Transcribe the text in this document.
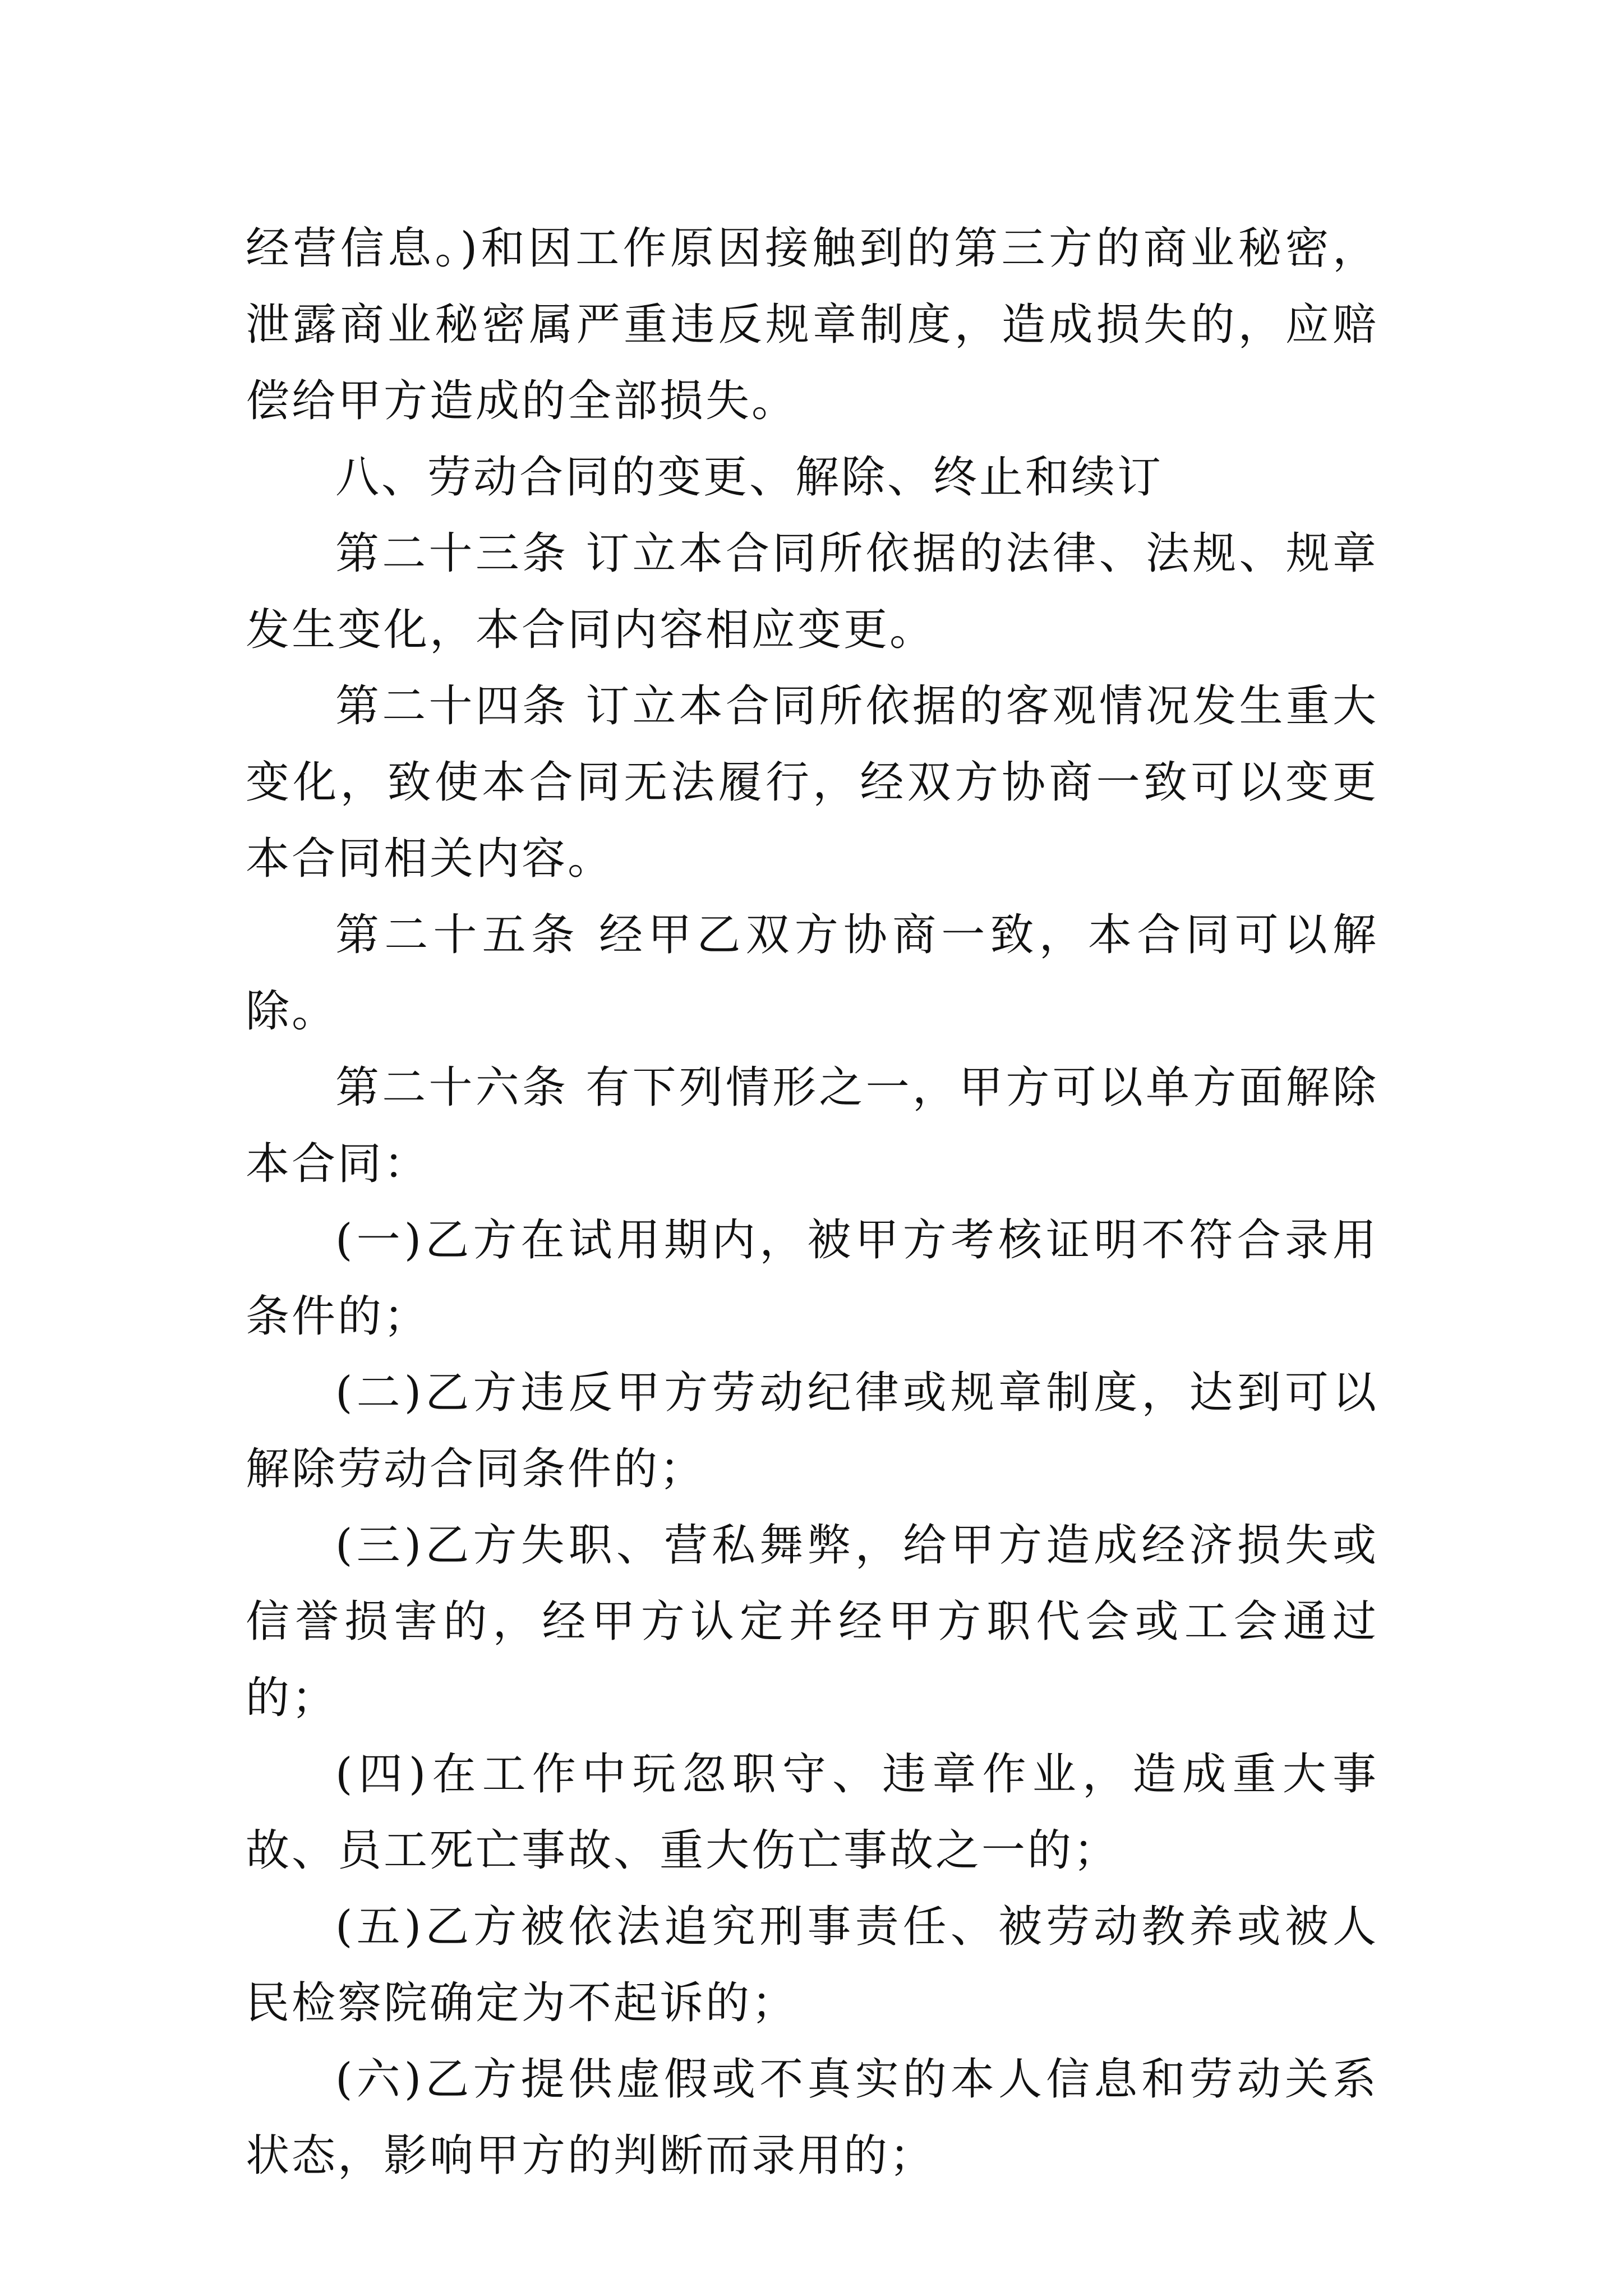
经营信息。)和因工作原因接触到的第三方的商业秘密，泄露商业秘密属严重违反规章制度，造成损失的，应赔偿给甲方造成的全部损失。

八、劳动合同的变更、解除、终止和续订

第二十三条 订立本合同所依据的法律、法规、规章发生变化，本合同内容相应变更。

第二十四条 订立本合同所依据的客观情况发生重大变化，致使本合同无法履行，经双方协商一致可以变更本合同相关内容。

第二十五条 经甲乙双方协商一致，本合同可以解除。

第二十六条 有下列情形之一，甲方可以单方面解除本合同：

(一)乙方在试用期内，被甲方考核证明不符合录用条件的；

(二)乙方违反甲方劳动纪律或规章制度，达到可以解除劳动合同条件的；

(三)乙方失职、营私舞弊，给甲方造成经济损失或信誉损害的，经甲方认定并经甲方职代会或工会通过的；

(四)在工作中玩忽职守、违章作业，造成重大事故、员工死亡事故、重大伤亡事故之一的；

(五)乙方被依法追究刑事责任、被劳动教养或被人民检察院确定为不起诉的；

(六)乙方提供虚假或不真实的本人信息和劳动关系状态，影响甲方的判断而录用的；
